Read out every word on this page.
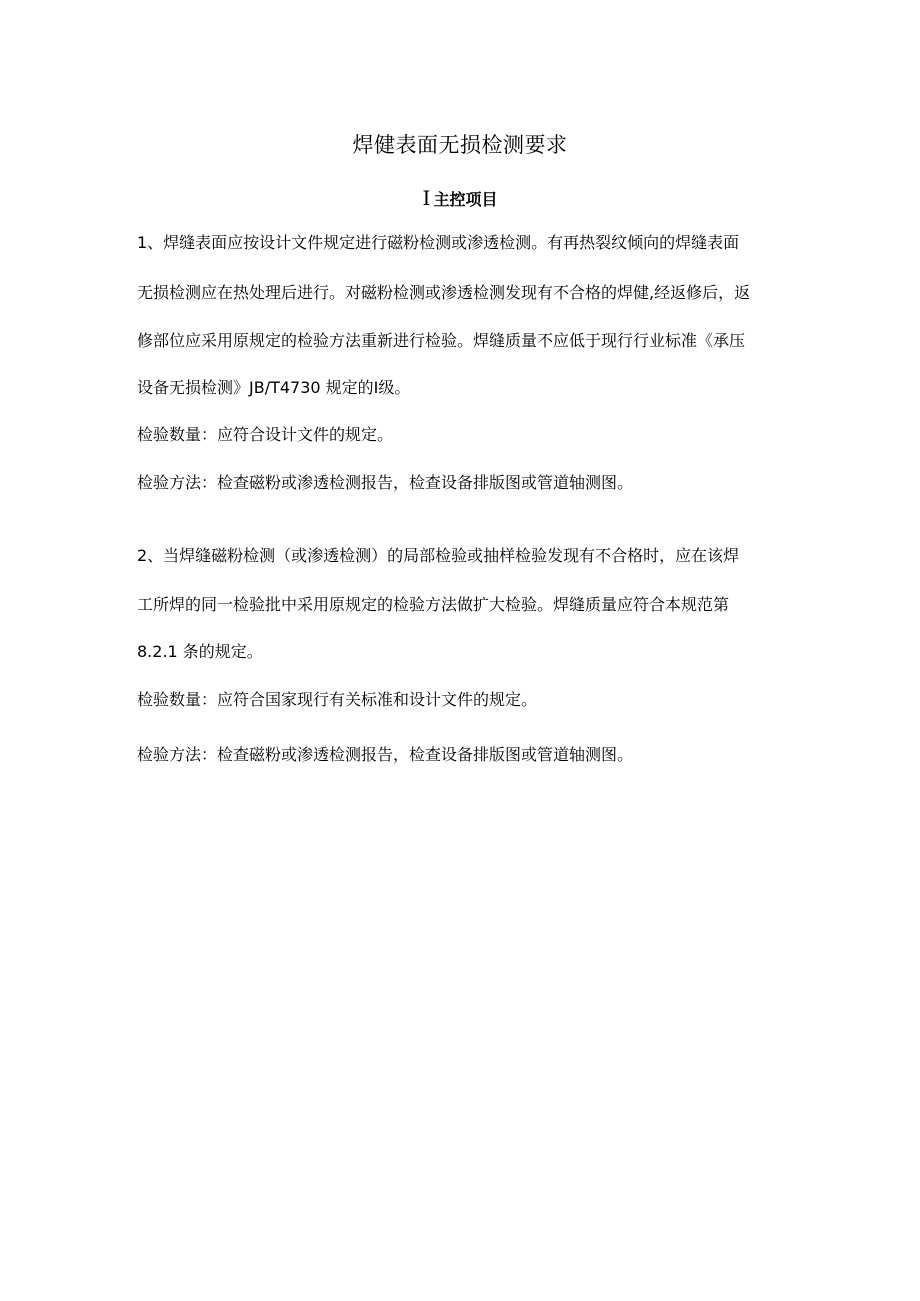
焊健表面无损检测要求
Ⅰ 主控项目
1、焊缝表面应按设计文件规定进行磁粉检测或渗透检测。有再热裂纹倾向的焊缝表面
无损检测应在热处理后进行。对磁粉检测或渗透检测发现有不合格的焊健,经返修后，返
修部位应采用原规定的检验方法重新进行检验。焊缝质量不应低于现行行业标准《承压
设备无损检测》JB/T4730 规定的Ⅰ级。
检验数量：应符合设计文件的规定。
检验方法：检查磁粉或渗透检测报告，检查设备排版图或管道轴测图。
2、当焊缝磁粉检测（或渗透检测）的局部检验或抽样检验发现有不合格时，应在该焊
工所焊的同一检验批中采用原规定的检验方法做扩大检验。焊缝质量应符合本规范第
8.2.1 条的规定。
检验数量：应符合国家现行有关标准和设计文件的规定。
检验方法：检查磁粉或渗透检测报告，检查设备排版图或管道轴测图。
